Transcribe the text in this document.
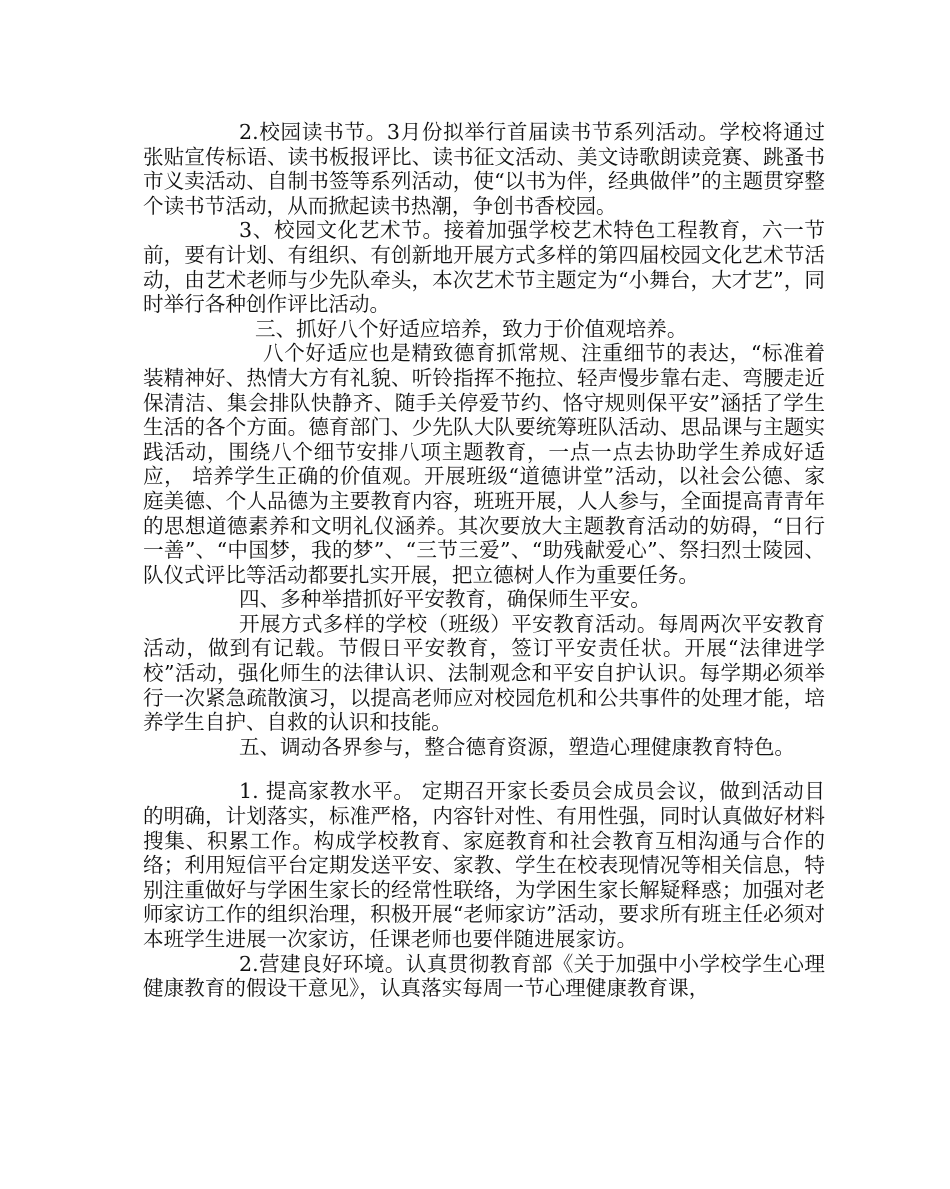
2.校园读书节。3月份拟举行首届读书节系列活动。学校将通过张贴宣传标语、读书板报评比、读书征文活动、美文诗歌朗读竞赛、跳蚤书市义卖活动、自制书签等系列活动，使“以书为伴，经典做伴”的主题贯穿整个读书节活动，从而掀起读书热潮，争创书香校园。

3、校园文化艺术节。接着加强学校艺术特色工程教育，六一节前，要有计划、有组织、有创新地开展方式多样的第四届校园文化艺术节活动，由艺术老师与少先队牵头，本次艺术节主题定为“小舞台，大才艺”，同时举行各种创作评比活动。

三、抓好八个好适应培养，致力于价值观培养。

八个好适应也是精致德育抓常规、注重细节的表达，“标准着装精神好、热情大方有礼貌、听铃指挥不拖拉、轻声慢步靠右走、弯腰走近保清洁、集会排队快静齐、随手关停爱节约、恪守规则保平安”涵括了学生生活的各个方面。德育部门、少先队大队要统筹班队活动、思品课与主题实践活动，围绕八个细节安排八项主题教育，一点一点去协助学生养成好适应， 培养学生正确的价值观。开展班级“道德讲堂”活动，以社会公德、家庭美德、个人品德为主要教育内容，班班开展，人人参与，全面提高青青年的思想道德素养和文明礼仪涵养。其次要放大主题教育活动的妨碍，“日行一善”、“中国梦，我的梦”、“三节三爱”、“助残献爱心”、祭扫烈士陵园、队仪式评比等活动都要扎实开展，把立德树人作为重要任务。

四、多种举措抓好平安教育，确保师生平安。

开展方式多样的学校（班级）平安教育活动。每周两次平安教育活动，做到有记载。节假日平安教育，签订平安责任状。开展“法律进学校”活动，强化师生的法律认识、法制观念和平安自护认识。每学期必须举行一次紧急疏散演习，以提高老师应对校园危机和公共事件的处理才能，培养学生自护、自救的认识和技能。

五、调动各界参与，整合德育资源，塑造心理健康教育特色。

1. 提高家教水平。 定期召开家长委员会成员会议，做到活动目的明确，计划落实，标准严格，内容针对性、有用性强，同时认真做好材料搜集、积累工作。构成学校教育、家庭教育和社会教育互相沟通与合作的络；利用短信平台定期发送平安、家教、学生在校表现情况等相关信息，特别注重做好与学困生家长的经常性联络，为学困生家长解疑释惑；加强对老师家访工作的组织治理，积极开展“老师家访”活动，要求所有班主任必须对本班学生进展一次家访，任课老师也要伴随进展家访。

2.营建良好环境。认真贯彻教育部《关于加强中小学校学生心理健康教育的假设干意见》，认真落实每周一节心理健康教育课，
